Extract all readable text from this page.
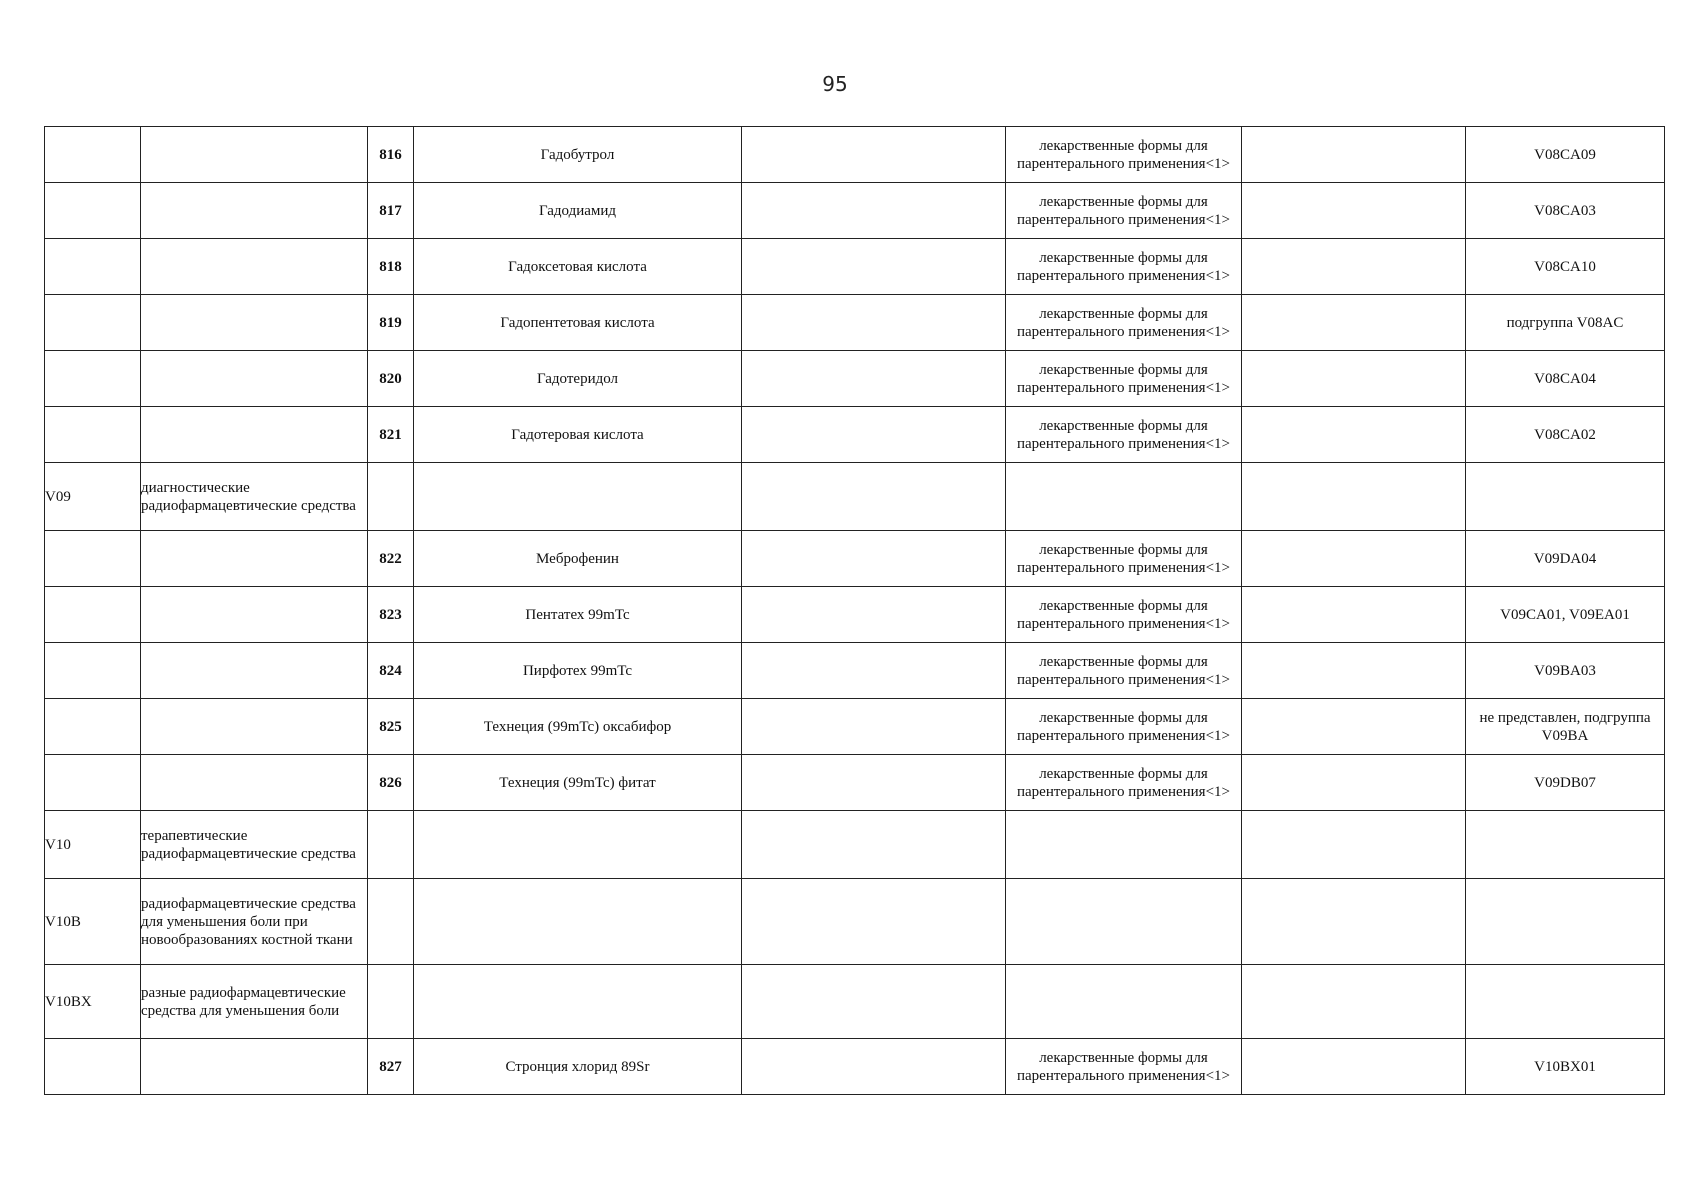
95
		816	Гадобутрол		лекарственные формы для парентерального применения<1>		V08CA09
		817	Гадодиамид		лекарственные формы для парентерального применения<1>		V08CA03
		818	Гадоксетовая кислота		лекарственные формы для парентерального применения<1>		V08CA10
		819	Гадопентетовая кислота		лекарственные формы для парентерального применения<1>		подгруппа V08AC
		820	Гадотеридол		лекарственные формы для парентерального применения<1>		V08CA04
		821	Гадотеровая кислота		лекарственные формы для парентерального применения<1>		V08CA02
V09	диагностические радиофармацевтические средства						
		822	Меброфенин		лекарственные формы для парентерального применения<1>		V09DA04
		823	Пентатех 99mTc		лекарственные формы для парентерального применения<1>		V09CA01, V09EA01
		824	Пирфотех 99mTc		лекарственные формы для парентерального применения<1>		V09BA03
		825	Технеция (99mTc) оксабифор		лекарственные формы для парентерального применения<1>		не представлен, подгруппа V09BA
		826	Технеция (99mTc) фитат		лекарственные формы для парентерального применения<1>		V09DB07
V10	терапевтические радиофармацевтические средства						
V10B	радиофармацевтические средства для уменьшения боли при новообразованиях костной ткани						
V10BX	разные радиофармацевтические средства для уменьшения боли						
		827	Стронция хлорид 89Sr		лекарственные формы для парентерального применения<1>		V10BX01
